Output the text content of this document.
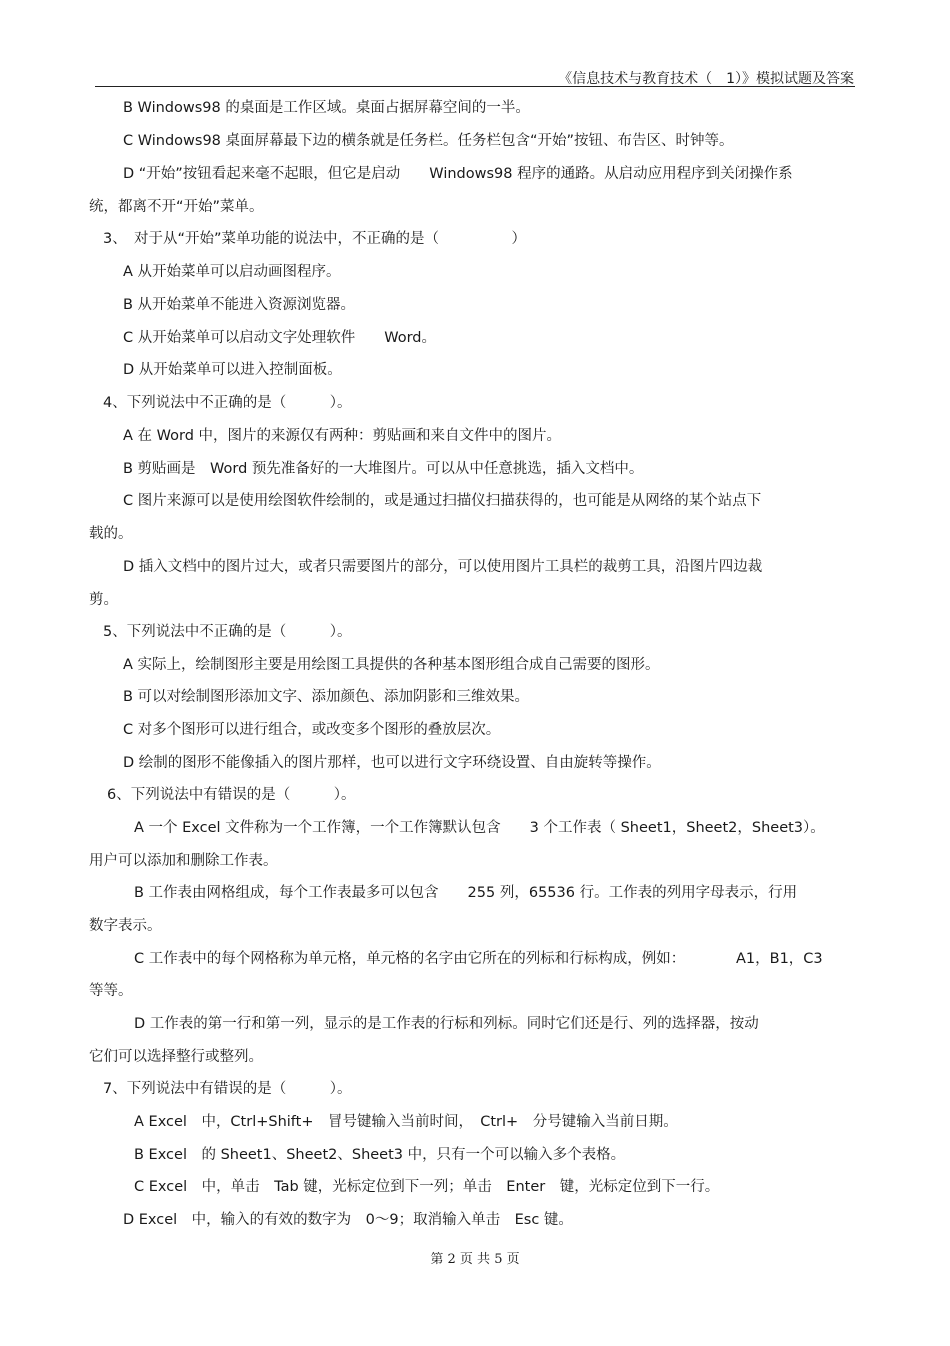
《信息技术与教育技术（　1）》模拟试题及答案
B Windows98 的桌面是工作区域。桌面占据屏幕空间的一半。
C Windows98 桌面屏幕最下边的横条就是任务栏。任务栏包含“开始”按钮、布告区、时钟等。
D “开始”按钮看起来毫不起眼，但它是启动　　Windows98 程序的通路。从启动应用程序到关闭操作系
统，都离不开“开始”菜单。
3、　对于从“开始”菜单功能的说法中，不正确的是（　　　　　）
A 从开始菜单可以启动画图程序。
B 从开始菜单不能进入资源浏览器。
C 从开始菜单可以启动文字处理软件　　Word。
D 从开始菜单可以进入控制面板。
4、下列说法中不正确的是（　　　）。
A 在 Word 中，图片的来源仅有两种：剪贴画和来自文件中的图片。
B 剪贴画是　Word 预先准备好的一大堆图片。可以从中任意挑选，插入文档中。
C 图片来源可以是使用绘图软件绘制的，或是通过扫描仪扫描获得的，也可能是从网络的某个站点下
载的。
D 插入文档中的图片过大，或者只需要图片的部分，可以使用图片工具栏的裁剪工具，沿图片四边裁
剪。
5、下列说法中不正确的是（　　　）。
A 实际上，绘制图形主要是用绘图工具提供的各种基本图形组合成自己需要的图形。
B 可以对绘制图形添加文字、添加颜色、添加阴影和三维效果。
C 对多个图形可以进行组合，或改变多个图形的叠放层次。
D 绘制的图形不能像插入的图片那样，也可以进行文字环绕设置、自由旋转等操作。
6、下列说法中有错误的是（　　　）。
A 一个 Excel 文件称为一个工作簿，一个工作簿默认包含　　3 个工作表（ Sheet1，Sheet2，Sheet3）。
用户可以添加和删除工作表。
B 工作表由网格组成，每个工作表最多可以包含　　255 列，65536 行。工作表的列用字母表示，行用
数字表示。
C 工作表中的每个网格称为单元格，单元格的名字由它所在的列标和行标构成，例如：　　　　A1，B1，C3
等等。
D 工作表的第一行和第一列，显示的是工作表的行标和列标。同时它们还是行、列的选择器，按动
它们可以选择整行或整列。
7、下列说法中有错误的是（　　　）。
A Excel　中，Ctrl+Shift+　冒号键输入当前时间，　Ctrl+　分号键输入当前日期。
B Excel　的 Sheet1、Sheet2、Sheet3 中，只有一个可以输入多个表格。
C Excel　中，单击　Tab 键，光标定位到下一列；单击　Enter　键，光标定位到下一行。
D Excel　中，输入的有效的数字为　0～9；取消输入单击　Esc 键。
第 2 页 共 5 页
